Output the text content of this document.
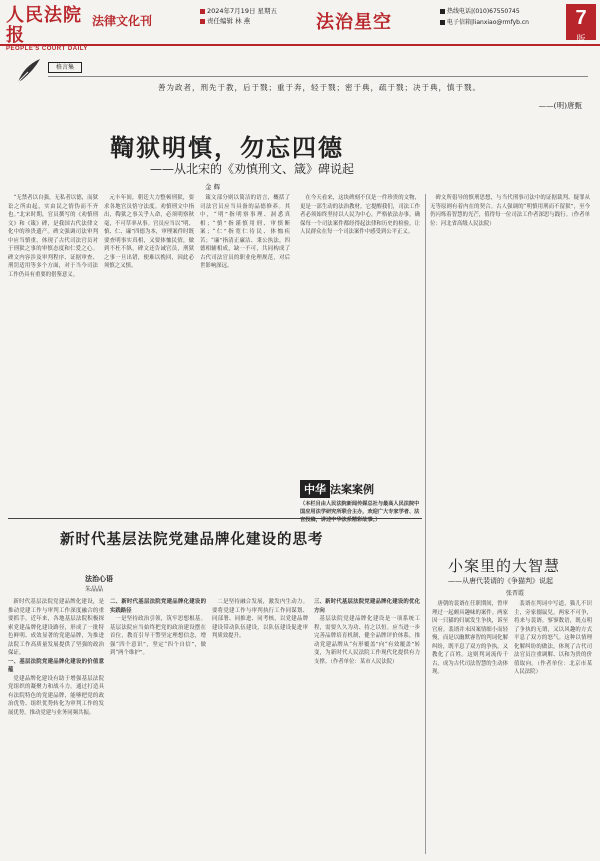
人民法院报
PEOPLE'S COURT DAILY
法律文化刊
2024年7月19日 星期五
责任编辑 林 燕	法治星空
热线电话|(010)67550745
电子信箱|lianxiao@rmfyb.cn	7
版
格言集
善为政者，刑先于教，后于戮；重于奔，轻于戮；密于典，疏于戮；决于典，慎于戮。
——(明)唐甄
鞫狱明慎，勿忘四德
——从北宋的《劝慎刑文、箴》碑说起
金 辉

“无禁者以自强，无私者以德，而狱讼之所由起，实由民之情伪而不齐也。”北宋时期，官员撰写的《劝慎刑文》和《箴》碑，是我国古代法律文化中的珍贵遗产。碑文强调司法审判中应当慎重，体现了古代司法官员对于刑狱之事的审慎态度和仁爱之心。碑文内容涉及审判程序、证据审查、刑罚适用等多个方面，对于当今司法工作仍具有重要的借鉴意义。

元丰年间，朝廷大力整顿刑狱，要求各地官员恪守法度。劝慎刑文中指出，鞫狱之事关乎人命，必须明察秋毫，不可草率从事。官员应当以“明、慎、仁、廉”四德为本，审理案件时既要查明事实真相，又要体恤民情，做到不枉不纵。碑文还告诫官员，刑狱之事一旦出错，便难以挽回，因此必须慎之又慎。

箴文部分则以简洁的语言，概括了司法官员应当具备的品德修养。其中，“明”指明察事理、洞悉真相；“慎”指谨慎用刑、审慎断案；“仁”指宽仁待民、体恤疾苦；“廉”指清正廉洁、秉公执法。四德相辅相成，缺一不可，共同构成了古代司法官员的职业伦理规范，对后世影响深远。

在今天看来，这块碑刻不仅是一件珍贵的文物，更是一部生动的法治教材。它提醒我们，司法工作者必须始终坚持以人民为中心，严格依法办事，确保每一个司法案件都经得起法律和历史的检验，让人民群众在每一个司法案件中感受到公平正义。

碑文所倡导的慎刑思想，与当代刑事司法中的证据裁判、疑罪从无等原则有着内在的契合。古人强调的“明慎用刑而不留狱”，至今仍闪烁着智慧的光芒，值得每一位司法工作者深思与践行。（作者单位：河北省高级人民法院）

中华 法案案例
（本栏目由人民法院新闻传媒总社与最高人民法院中国应用法学研究所联合主办，欢迎广大专家学者、法官投稿，讲述中华法系精彩故事。）
新时代基层法院党建品牌化建设的思考
法治心语
朱晶晶

新时代基层法院党建品牌化建设，是推动党建工作与审判工作深度融合的重要抓手。近年来，各地基层法院积极探索党建品牌化建设路径，形成了一批特色鲜明、成效显著的党建品牌，为推进法院工作高质量发展提供了坚强的政治保证。

一、基层法院党建品牌化建设的价值意蕴

党建品牌化建设有助于增强基层法院党组织的凝聚力和战斗力。通过打造具有法院特色的党建品牌，能够把党的政治优势、组织优势转化为审判工作的发展优势，推动党建与业务同频共振。

二、新时代基层法院党建品牌化建设的实践路径

一是坚持政治引领，筑牢思想根基。基层法院应当始终把党的政治建设摆在首位，教育引导干警坚定理想信念，增强“四个意识”，坚定“四个自信”，做到“两个维护”。

二是坚持融合发展，激发内生动力。要将党建工作与审判执行工作同谋划、同部署、同推进、同考核，以党建品牌建设带动队伍建设，以队伍建设促进审判质效提升。

三、新时代基层法院党建品牌化建设的优化方向

基层法院党建品牌化建设是一项系统工程，需要久久为功、持之以恒。应当进一步完善品牌培育机制，健全品牌评价体系，推动党建品牌从“有形覆盖”向“有效覆盖”转变，为新时代人民法院工作现代化提供有力支撑。（作者单位：某市人民法院）

小案里的大智慧
——从唐代裴谞的《争猫判》说起
张晋霞

唐朝的裴谞在任职期间，曾审理过一起颇具趣味的案件。两家因一只猫的归属发生争执，诉至官府。裴谞并未因案情细小而轻慢，而是以幽默睿智的判词化解纠纷，既平息了双方的争执，又教化了百姓。这则判词流传千古，成为古代司法智慧的生动体现。

裴谞在判词中写道，猫儿不识主，旁家搦鼠兒，两家不可争，将来与裴谞。寥寥数语，既点明了争执的无谓，又以风趣的方式平息了双方的怒气。这种以情理化解纠纷的做法，体现了古代司法官员注重调解、以和为贵的价值取向。（作者单位：北京市某人民法院）
